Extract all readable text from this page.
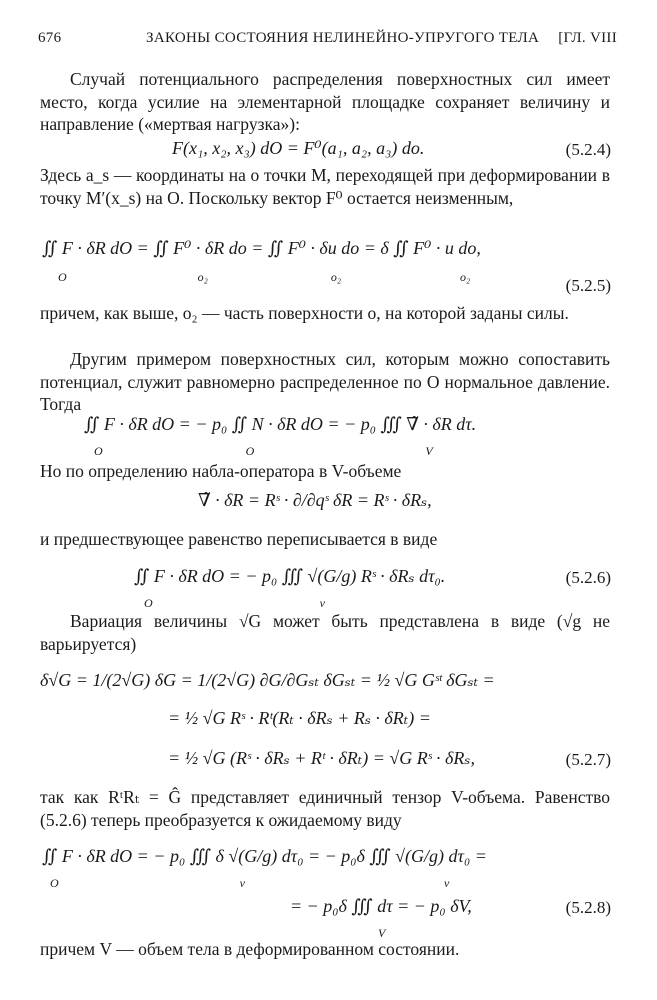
676	ЗАКОНЫ СОСТОЯНИЯ НЕЛИНЕЙНО-УПРУГОГО ТЕЛА [ГЛ. VIII

Случай потенциального распределения поверхностных сил имеет место, когда усилие на элементарной площадке сохраняет величину и направление («мертвая нагрузка»):

F(x₁, x₂, x₃) dO = F⁰(a₁, a₂, a₃) do.	(5.2.4)

Здесь a_s — координаты на o точки M, переходящей при деформировании в точку M′(x_s) на O. Поскольку вектор F⁰ остается неизменным,

∬ F · δR dO = ∬ F⁰ · δR do = ∬ F⁰ · δu do = δ ∬ F⁰ · u do,
O	o₂	o₂	o₂	(5.2.5)

причем, как выше, o₂ — часть поверхности o, на которой заданы силы.

Другим примером поверхностных сил, которым можно сопоставить потенциал, служит равномерно распределенное по O нормальное давление. Тогда

∬ F · δR dO = − p₀ ∬ N · δR dO = − p₀ ∭ ∇̃ · δR dτ.
O	O	V

Но по определению набла-оператора в V-объеме

∇̃ · δR = Rˢ · ∂/∂qˢ δR = Rˢ · δRₛ,

и предшествующее равенство переписывается в виде

∬ F · δR dO = − p₀ ∭ √(G/g) Rˢ · δRₛ dτ₀.
O	v
(5.2.6)

Вариация величины √G может быть представлена в виде (√g не варьируется)

δ√G = 1/(2√G) δG = 1/(2√G) ∂G/∂Gₛₜ δGₛₜ = ½ √G Gˢᵗ δGₛₜ =
= ½ √G Rˢ · Rᵗ(Rₜ · δRₛ + Rₛ · δRₜ) =
= ½ √G (Rˢ · δRₛ + Rᵗ · δRₜ) = √G Rˢ · δRₛ,	(5.2.7)

так как RᵗRₜ = Ĝ представляет единичный тензор V-объема. Равенство (5.2.6) теперь преобразуется к ожидаемому виду

∬ F · δR dO = − p₀ ∭ δ √(G/g) dτ₀ = − p₀δ ∭ √(G/g) dτ₀ =
O	v	v
= − p₀δ ∭ dτ = − p₀ δV,
V
(5.2.8)

причем V — объем тела в деформированном состоянии.
